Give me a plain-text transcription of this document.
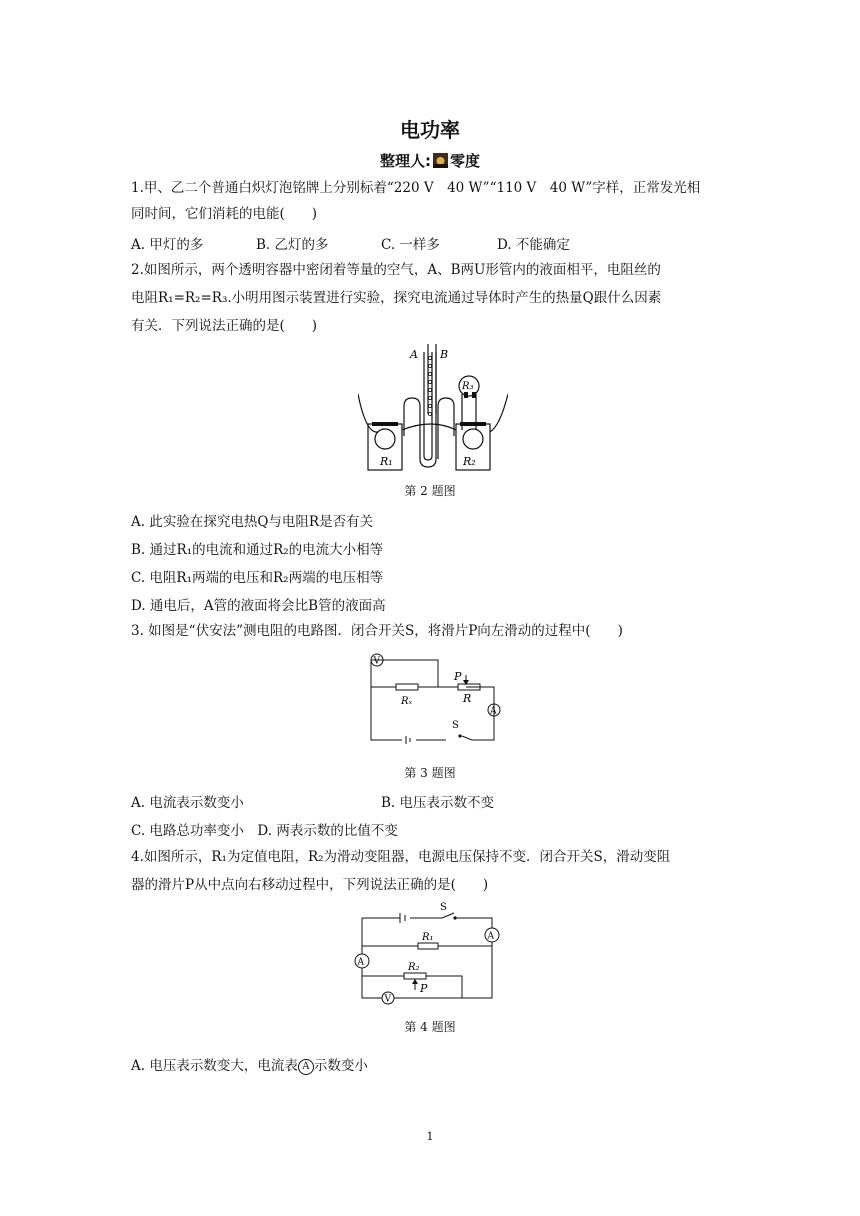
电功率
整理人: 零度
1.甲、乙二个普通白炽灯泡铭牌上分别标着“220 V　40 W”“110 V　40 W”字样，正常发光相
同时间，它们消耗的电能(　　)
A. 甲灯的多	B. 乙灯的多	C. 一样多	D. 不能确定
2.如图所示，两个透明容器中密闭着等量的空气，A、B两U形管内的液面相平，电阻丝的
电阻R₁=R₂=R₃.小明用图示装置进行实验，探究电流通过导体时产生的热量Q跟什么因素
有关．下列说法正确的是(　　)
A B
R₁	R₂
R₃
第 2 题图
A. 此实验在探究电热Q与电阻R是否有关
B. 通过R₁的电流和通过R₂的电流大小相等
C. 电阻R₁两端的电压和R₂两端的电压相等
D. 通电后，A管的液面将会比B管的液面高
3. 如图是“伏安法”测电阻的电路图．闭合开关S，将滑片P向左滑动的过程中(　　)
V
A
P
R
Rₓ
S
第 3 题图
A. 电流表示数变小	B. 电压表示数不变
C. 电路总功率变小　D. 两表示数的比值不变
4.如图所示，R₁为定值电阻，R₂为滑动变阻器，电源电压保持不变．闭合开关S，滑动变阻
器的滑片P从中点向右移动过程中，下列说法正确的是(　　)
S
A
A
V
R₁
R₂
P
第 4 题图
A. 电压表示数变大，电流表 A 示数变小
1
